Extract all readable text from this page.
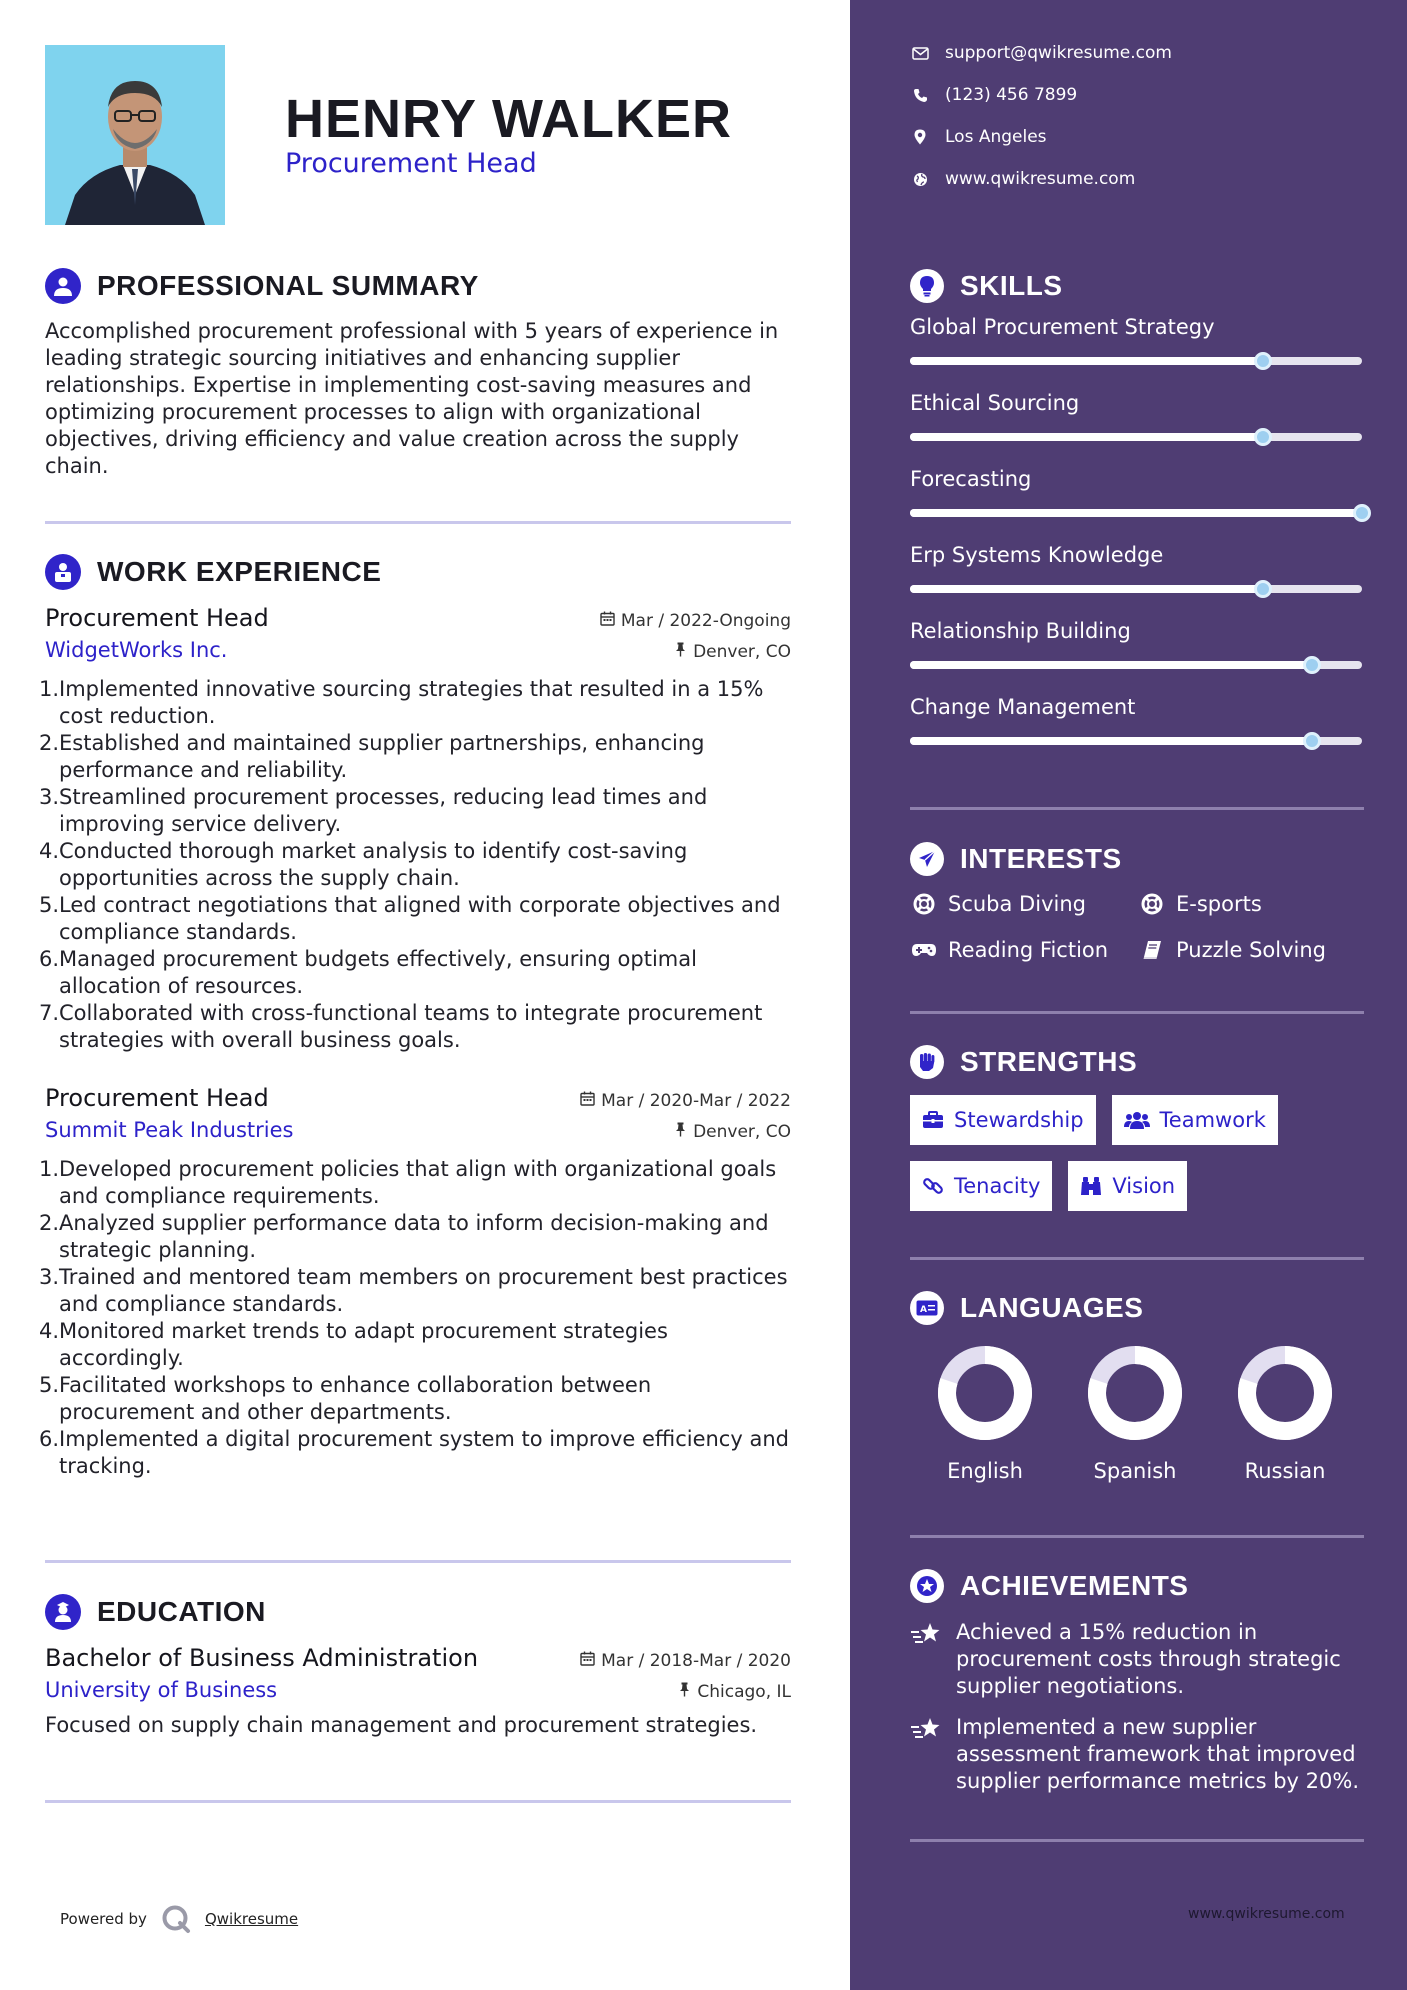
HENRY WALKER
Procurement Head
PROFESSIONAL SUMMARY
Accomplished procurement professional with 5 years of experience in leading strategic sourcing initiatives and enhancing supplier relationships. Expertise in implementing cost-saving measures and optimizing procurement processes to align with organizational objectives, driving efficiency and value creation across the supply chain.
WORK EXPERIENCE
Procurement Head	Mar / 2022-Ongoing
WidgetWorks Inc.	Denver, CO
1. Implemented innovative sourcing strategies that resulted in a 15% cost reduction.
2. Established and maintained supplier partnerships, enhancing performance and reliability.
3. Streamlined procurement processes, reducing lead times and improving service delivery.
4. Conducted thorough market analysis to identify cost-saving opportunities across the supply chain.
5. Led contract negotiations that aligned with corporate objectives and compliance standards.
6. Managed procurement budgets effectively, ensuring optimal allocation of resources.
7. Collaborated with cross-functional teams to integrate procurement strategies with overall business goals.
Procurement Head	Mar / 2020-Mar / 2022
Summit Peak Industries	Denver, CO
1. Developed procurement policies that align with organizational goals and compliance requirements.
2. Analyzed supplier performance data to inform decision-making and strategic planning.
3. Trained and mentored team members on procurement best practices and compliance standards.
4. Monitored market trends to adapt procurement strategies accordingly.
5. Facilitated workshops to enhance collaboration between procurement and other departments.
6. Implemented a digital procurement system to improve efficiency and tracking.
EDUCATION
Bachelor of Business Administration	Mar / 2018-Mar / 2020
University of Business	Chicago, IL
Focused on supply chain management and procurement strategies.
Powered by	Qwikresume
support@qwikresume.com
(123) 456 7899
Los Angeles
www.qwikresume.com
SKILLS
Global Procurement Strategy
Ethical Sourcing
Forecasting
Erp Systems Knowledge
Relationship Building
Change Management
INTERESTS
Scuba Diving	E-sports
Reading Fiction	Puzzle Solving
STRENGTHS
Stewardship	Teamwork
Tenacity	Vision
A LANGUAGES
English	Spanish	Russian
ACHIEVEMENTS
Achieved a 15% reduction in procurement costs through strategic supplier negotiations.
Implemented a new supplier assessment framework that improved supplier performance metrics by 20%.
www.qwikresume.com
